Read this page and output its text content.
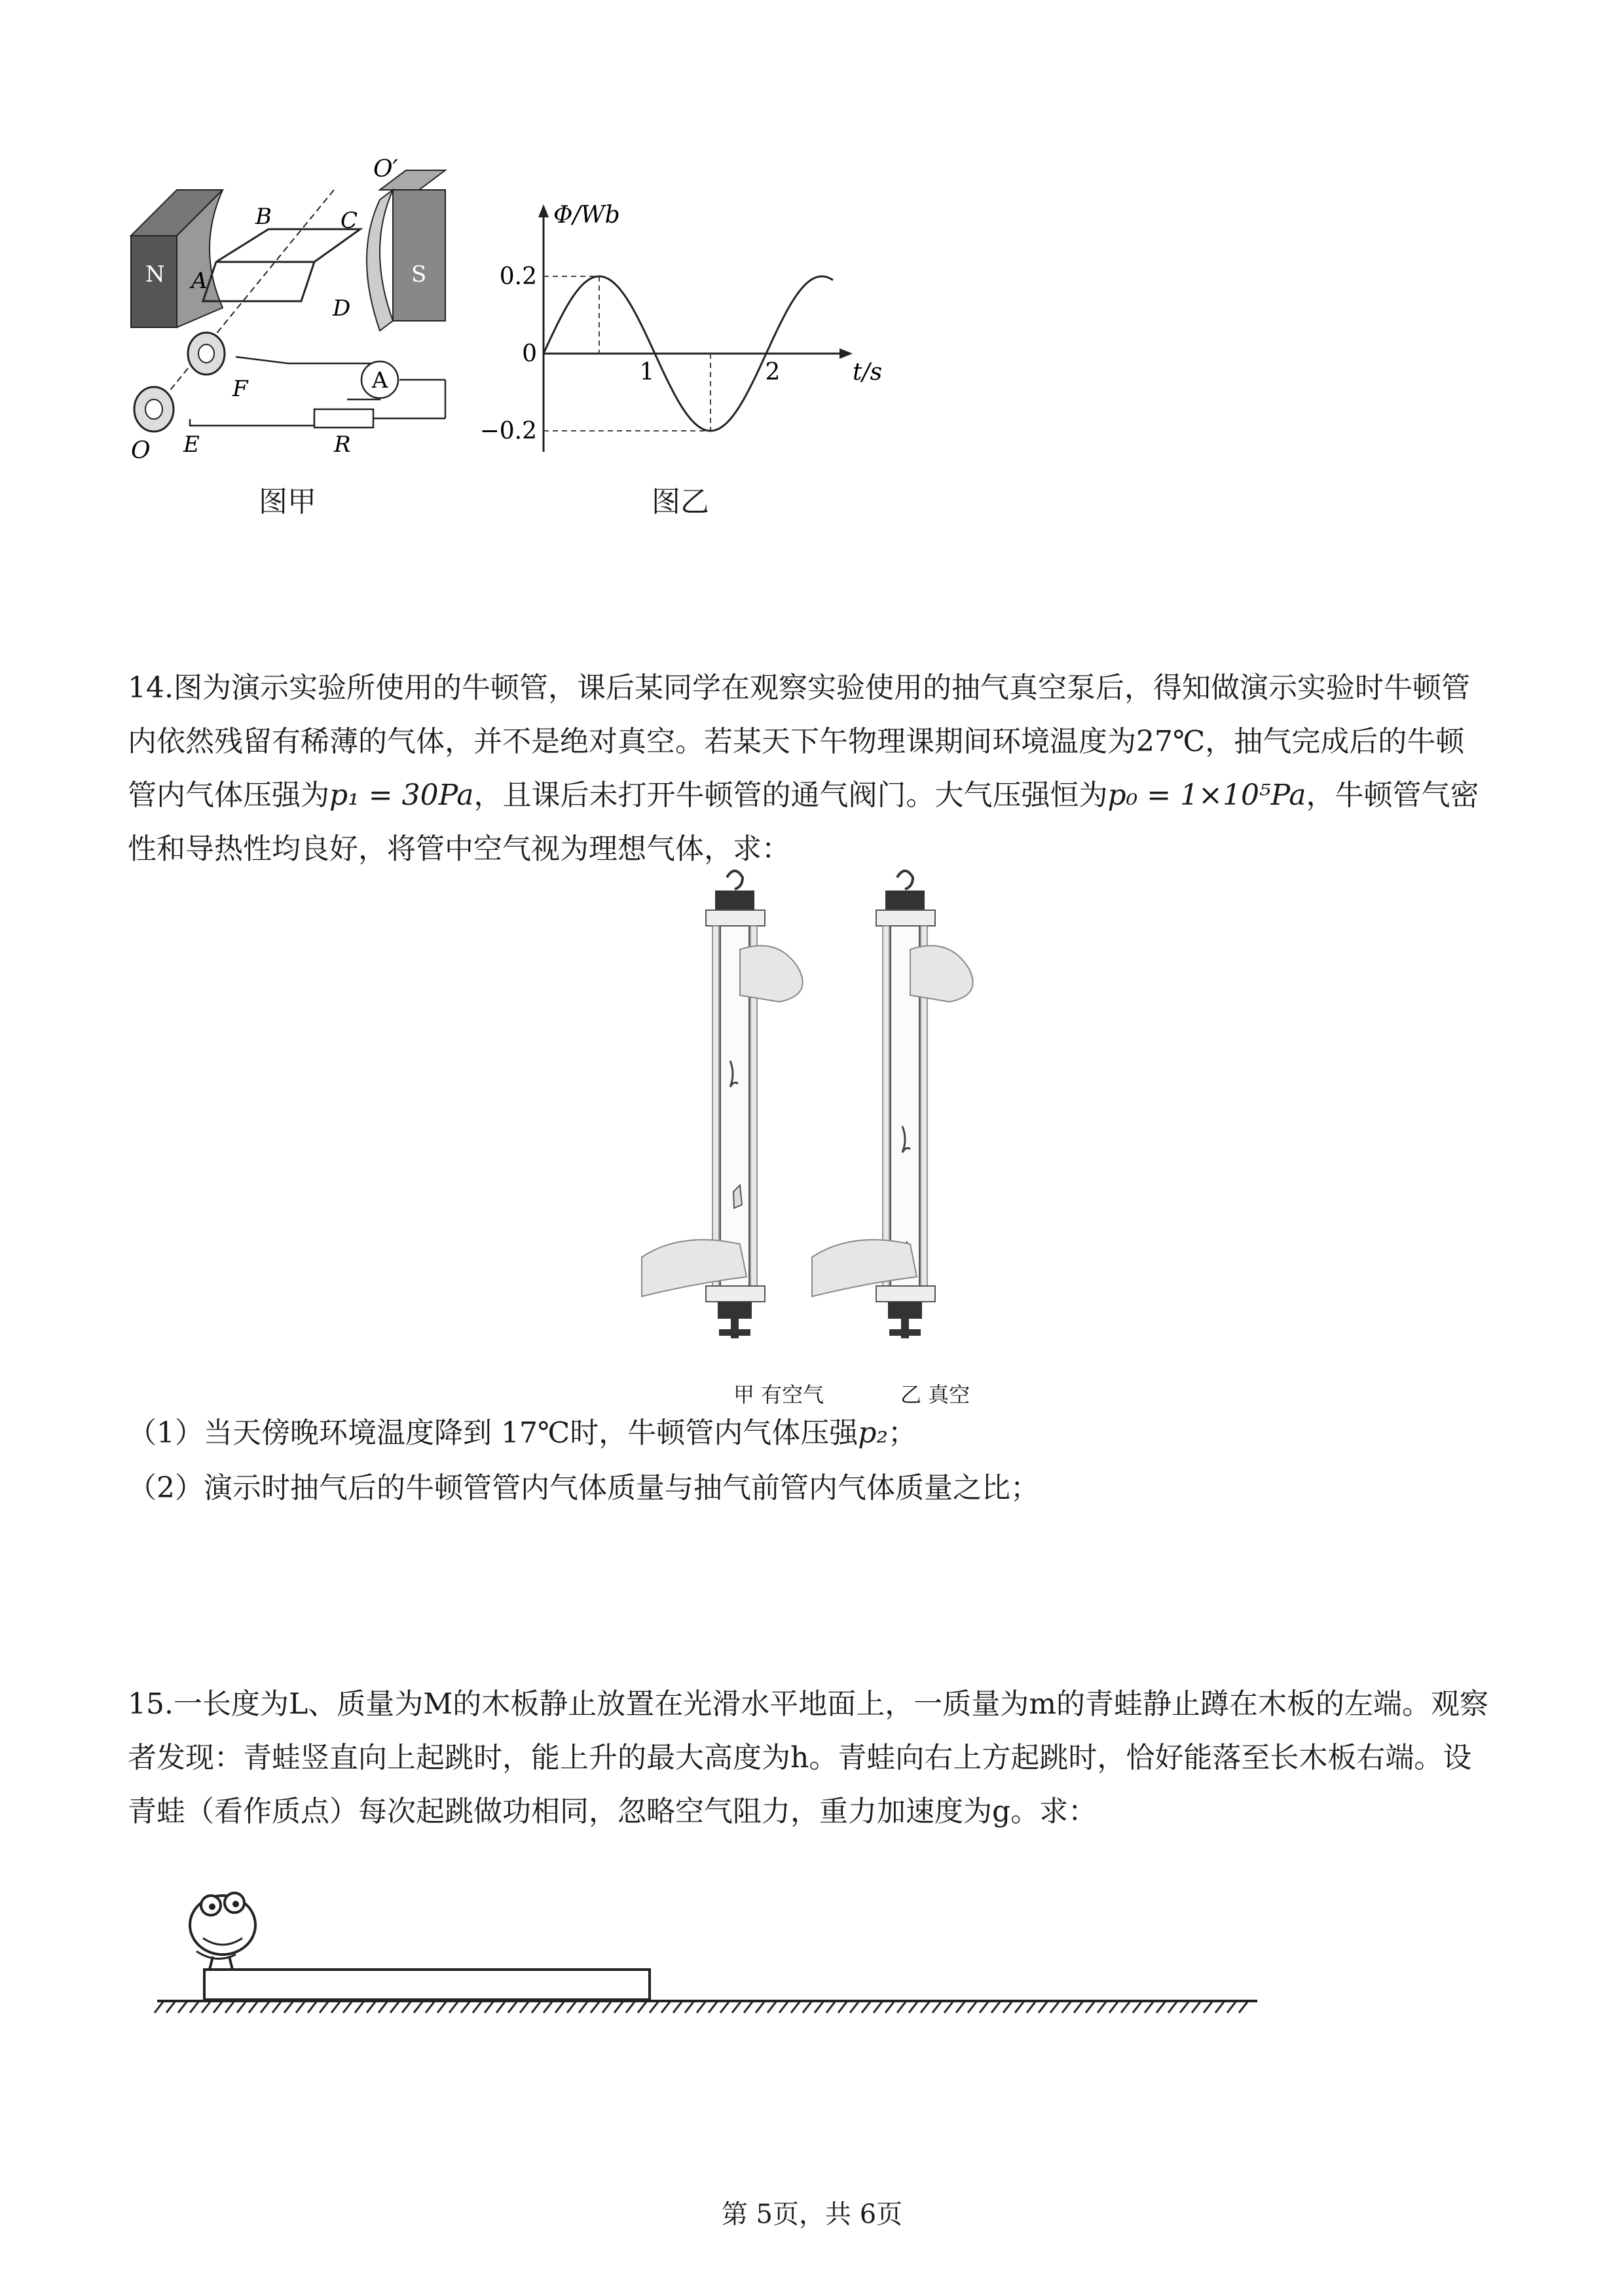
A
N	S
A
B	C
D
O′
F
E
O	R
图甲
Φ/Wb
t/s
0.2
0
−0.2
1	2
图乙
14.图为演示实验所使用的牛顿管，课后某同学在观察实验使用的抽气真空泵后，得知做演示实验时牛顿管
内依然残留有稀薄的气体，并不是绝对真空。若某天下午物理课期间环境温度为27℃，抽气完成后的牛顿
管内气体压强为p₁ = 30Pa，且课后未打开牛顿管的通气阀门。大气压强恒为p₀ = 1×10⁵Pa，牛顿管气密
性和导热性均良好，将管中空气视为理想气体，求：
甲 有空气	乙 真空
（1）当天傍晚环境温度降到 17℃时，牛顿管内气体压强p₂；
（2）演示时抽气后的牛顿管管内气体质量与抽气前管内气体质量之比；
15.一长度为L、质量为M的木板静止放置在光滑水平地面上，一质量为m的青蛙静止蹲在木板的左端。观察
者发现：青蛙竖直向上起跳时，能上升的最大高度为h。青蛙向右上方起跳时，恰好能落至长木板右端。设
青蛙（看作质点）每次起跳做功相同，忽略空气阻力，重力加速度为g。求：
第 5页，共 6页
